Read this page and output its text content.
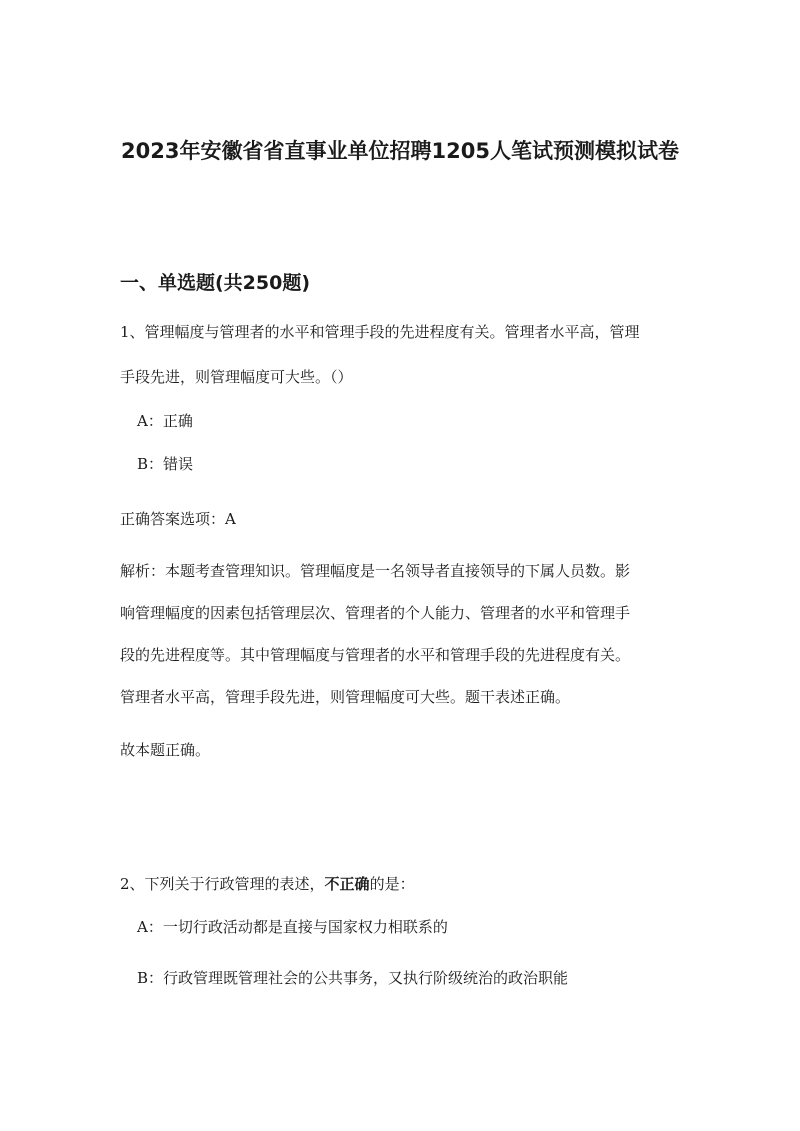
2023年安徽省省直事业单位招聘1205人笔试预测模拟试卷
一、单选题(共250题)
1、管理幅度与管理者的水平和管理手段的先进程度有关。管理者水平高，管理
手段先进，则管理幅度可大些。（）
A：正确
B：错误
正确答案选项：A
解析：本题考查管理知识。管理幅度是一名领导者直接领导的下属人员数。影
响管理幅度的因素包括管理层次、管理者的个人能力、管理者的水平和管理手
段的先进程度等。其中管理幅度与管理者的水平和管理手段的先进程度有关。
管理者水平高，管理手段先进，则管理幅度可大些。题干表述正确。
故本题正确。
2、下列关于行政管理的表述，不正确的是：
A：一切行政活动都是直接与国家权力相联系的
B：行政管理既管理社会的公共事务，又执行阶级统治的政治职能
